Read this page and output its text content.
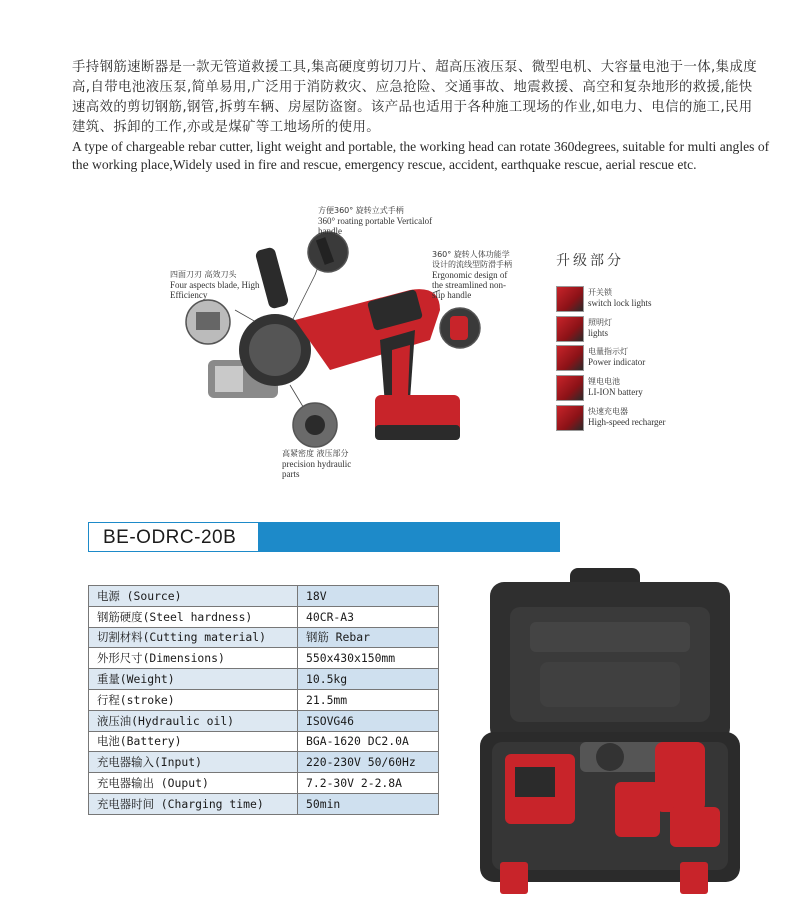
手持钢筋速断器是一款无管道救援工具,集高硬度剪切刀片、超高压液压泵、微型电机、大容量电池于一体,集成度高,自带电池液压泵,简单易用,广泛用于消防救灾、应急抢险、交通事故、地震救援、高空和复杂地形的救援,能快速高效的剪切钢筋,钢管,拆剪车辆、房屋防盗窗。该产品也适用于各种施工现场的作业,如电力、电信的施工,民用建筑、拆卸的工作,亦或是煤矿等工地场所的使用。
A type of chargeable rebar cutter, light weight and portable, the working head can rotate 360degrees, suitable for multi angles of the working place,Widely used in fire and rescue, emergency rescue, accident, earthquake rescue, aerial rescue etc.
方便360° 旋转立式手柄
360° roating portable Verticalof handle
四面刀刃 高效刀头
Four aspects blade, High Efficiency
360° 旋转人体功能学设计的流线型防滑手柄
Ergonomic design of the streamlined non-slip handle
高紧密度 液压部分
precision hydraulic parts
升级部分
开关锁
switch lock lights
照明灯
lights
电量指示灯
Power indicator
锂电电池
LI-ION battery
快速充电器
High-speed recharger
BE-ODRC-20B
电源 (Source)	18V
钢筋硬度(Steel hardness)	40CR-A3
切割材料(Cutting material)	钢筋 Rebar
外形尺寸(Dimensions)	550x430x150mm
重量(Weight)	10.5kg
行程(stroke)	21.5mm
液压油(Hydraulic oil)	ISOVG46
电池(Battery)	BGA-1620 DC2.0A
充电器输入(Input)	220-230V 50/60Hz
充电器输出 (Ouput)	7.2-30V 2-2.8A
充电器时间 (Charging time)	50min
